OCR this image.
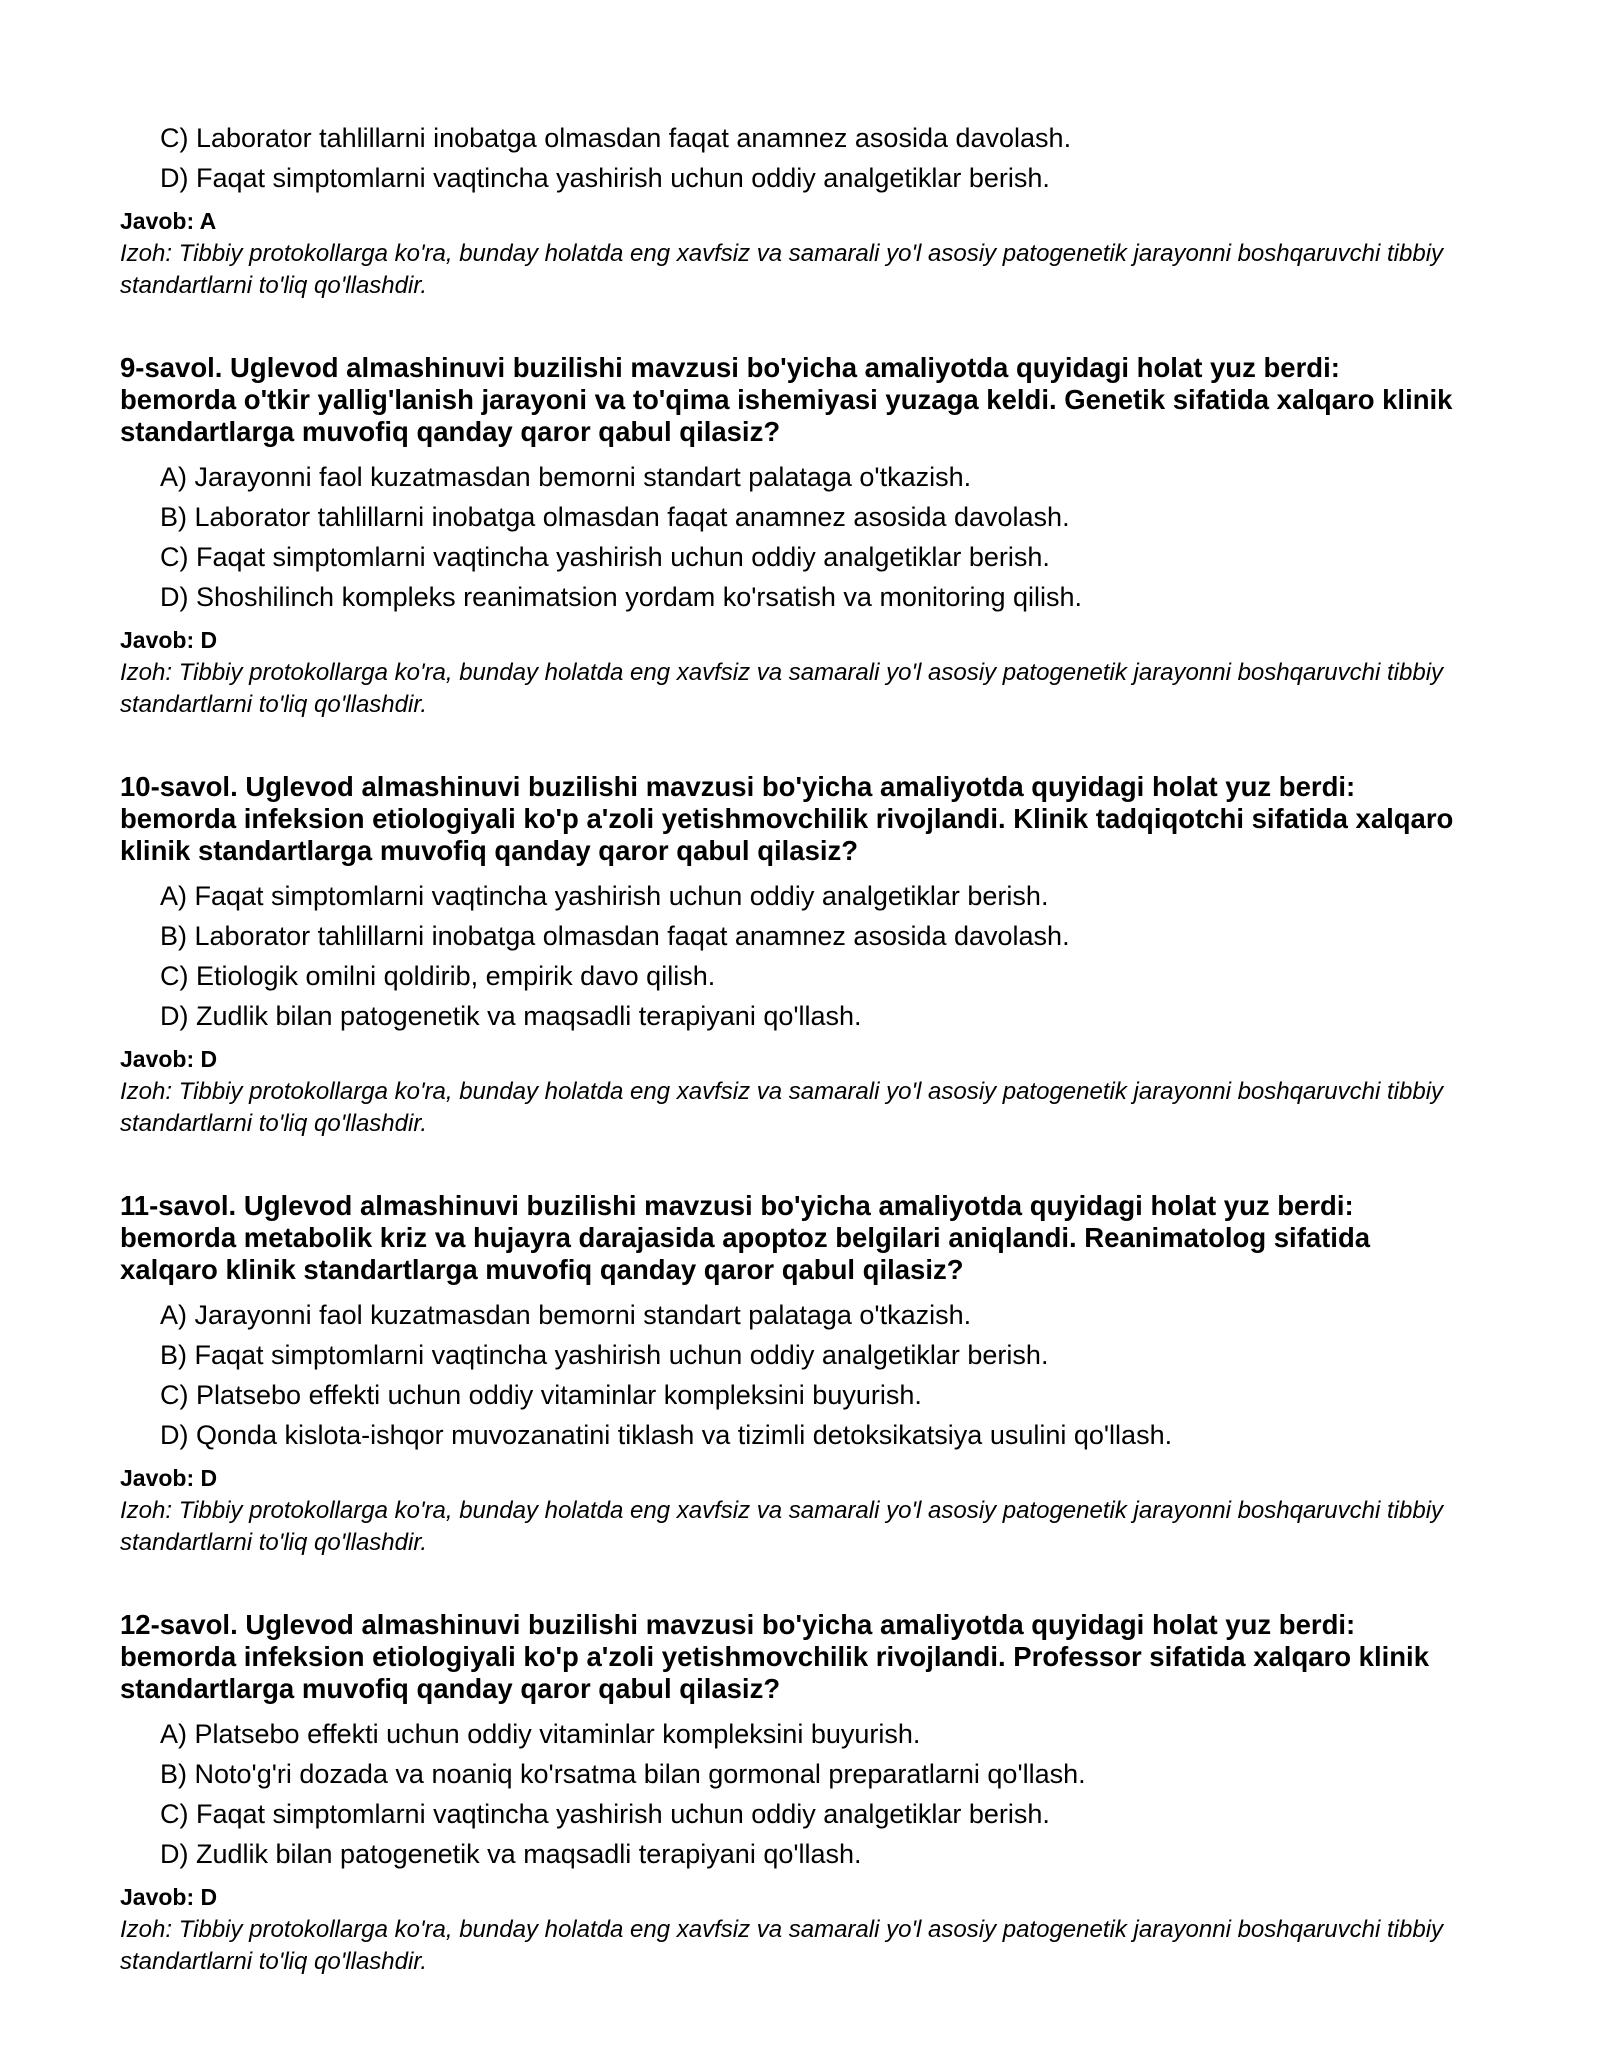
C) Laborator tahlillarni inobatga olmasdan faqat anamnez asosida davolash.
D) Faqat simptomlarni vaqtincha yashirish uchun oddiy analgetiklar berish.
Javob: A
Izoh: Tibbiy protokollarga ko'ra, bunday holatda eng xavfsiz va samarali yo'l asosiy patogenetik jarayonni boshqaruvchi tibbiy standartlarni to'liq qo'llashdir.
9-savol. Uglevod almashinuvi buzilishi mavzusi bo'yicha amaliyotda quyidagi holat yuz berdi: bemorda o'tkir yallig'lanish jarayoni va to'qima ishemiyasi yuzaga keldi. Genetik sifatida xalqaro klinik standartlarga muvofiq qanday qaror qabul qilasiz?
A) Jarayonni faol kuzatmasdan bemorni standart palataga o'tkazish.
B) Laborator tahlillarni inobatga olmasdan faqat anamnez asosida davolash.
C) Faqat simptomlarni vaqtincha yashirish uchun oddiy analgetiklar berish.
D) Shoshilinch kompleks reanimatsion yordam ko'rsatish va monitoring qilish.
Javob: D
Izoh: Tibbiy protokollarga ko'ra, bunday holatda eng xavfsiz va samarali yo'l asosiy patogenetik jarayonni boshqaruvchi tibbiy standartlarni to'liq qo'llashdir.
10-savol. Uglevod almashinuvi buzilishi mavzusi bo'yicha amaliyotda quyidagi holat yuz berdi: bemorda infeksion etiologiyali ko'p a'zoli yetishmovchilik rivojlandi. Klinik tadqiqotchi sifatida xalqaro klinik standartlarga muvofiq qanday qaror qabul qilasiz?
A) Faqat simptomlarni vaqtincha yashirish uchun oddiy analgetiklar berish.
B) Laborator tahlillarni inobatga olmasdan faqat anamnez asosida davolash.
C) Etiologik omilni qoldirib, empirik davo qilish.
D) Zudlik bilan patogenetik va maqsadli terapiyani qo'llash.
Javob: D
Izoh: Tibbiy protokollarga ko'ra, bunday holatda eng xavfsiz va samarali yo'l asosiy patogenetik jarayonni boshqaruvchi tibbiy standartlarni to'liq qo'llashdir.
11-savol. Uglevod almashinuvi buzilishi mavzusi bo'yicha amaliyotda quyidagi holat yuz berdi: bemorda metabolik kriz va hujayra darajasida apoptoz belgilari aniqlandi. Reanimatolog sifatida xalqaro klinik standartlarga muvofiq qanday qaror qabul qilasiz?
A) Jarayonni faol kuzatmasdan bemorni standart palataga o'tkazish.
B) Faqat simptomlarni vaqtincha yashirish uchun oddiy analgetiklar berish.
C) Platsebo effekti uchun oddiy vitaminlar kompleksini buyurish.
D) Qonda kislota-ishqor muvozanatini tiklash va tizimli detoksikatsiya usulini qo'llash.
Javob: D
Izoh: Tibbiy protokollarga ko'ra, bunday holatda eng xavfsiz va samarali yo'l asosiy patogenetik jarayonni boshqaruvchi tibbiy standartlarni to'liq qo'llashdir.
12-savol. Uglevod almashinuvi buzilishi mavzusi bo'yicha amaliyotda quyidagi holat yuz berdi: bemorda infeksion etiologiyali ko'p a'zoli yetishmovchilik rivojlandi. Professor sifatida xalqaro klinik standartlarga muvofiq qanday qaror qabul qilasiz?
A) Platsebo effekti uchun oddiy vitaminlar kompleksini buyurish.
B) Noto'g'ri dozada va noaniq ko'rsatma bilan gormonal preparatlarni qo'llash.
C) Faqat simptomlarni vaqtincha yashirish uchun oddiy analgetiklar berish.
D) Zudlik bilan patogenetik va maqsadli terapiyani qo'llash.
Javob: D
Izoh: Tibbiy protokollarga ko'ra, bunday holatda eng xavfsiz va samarali yo'l asosiy patogenetik jarayonni boshqaruvchi tibbiy standartlarni to'liq qo'llashdir.
